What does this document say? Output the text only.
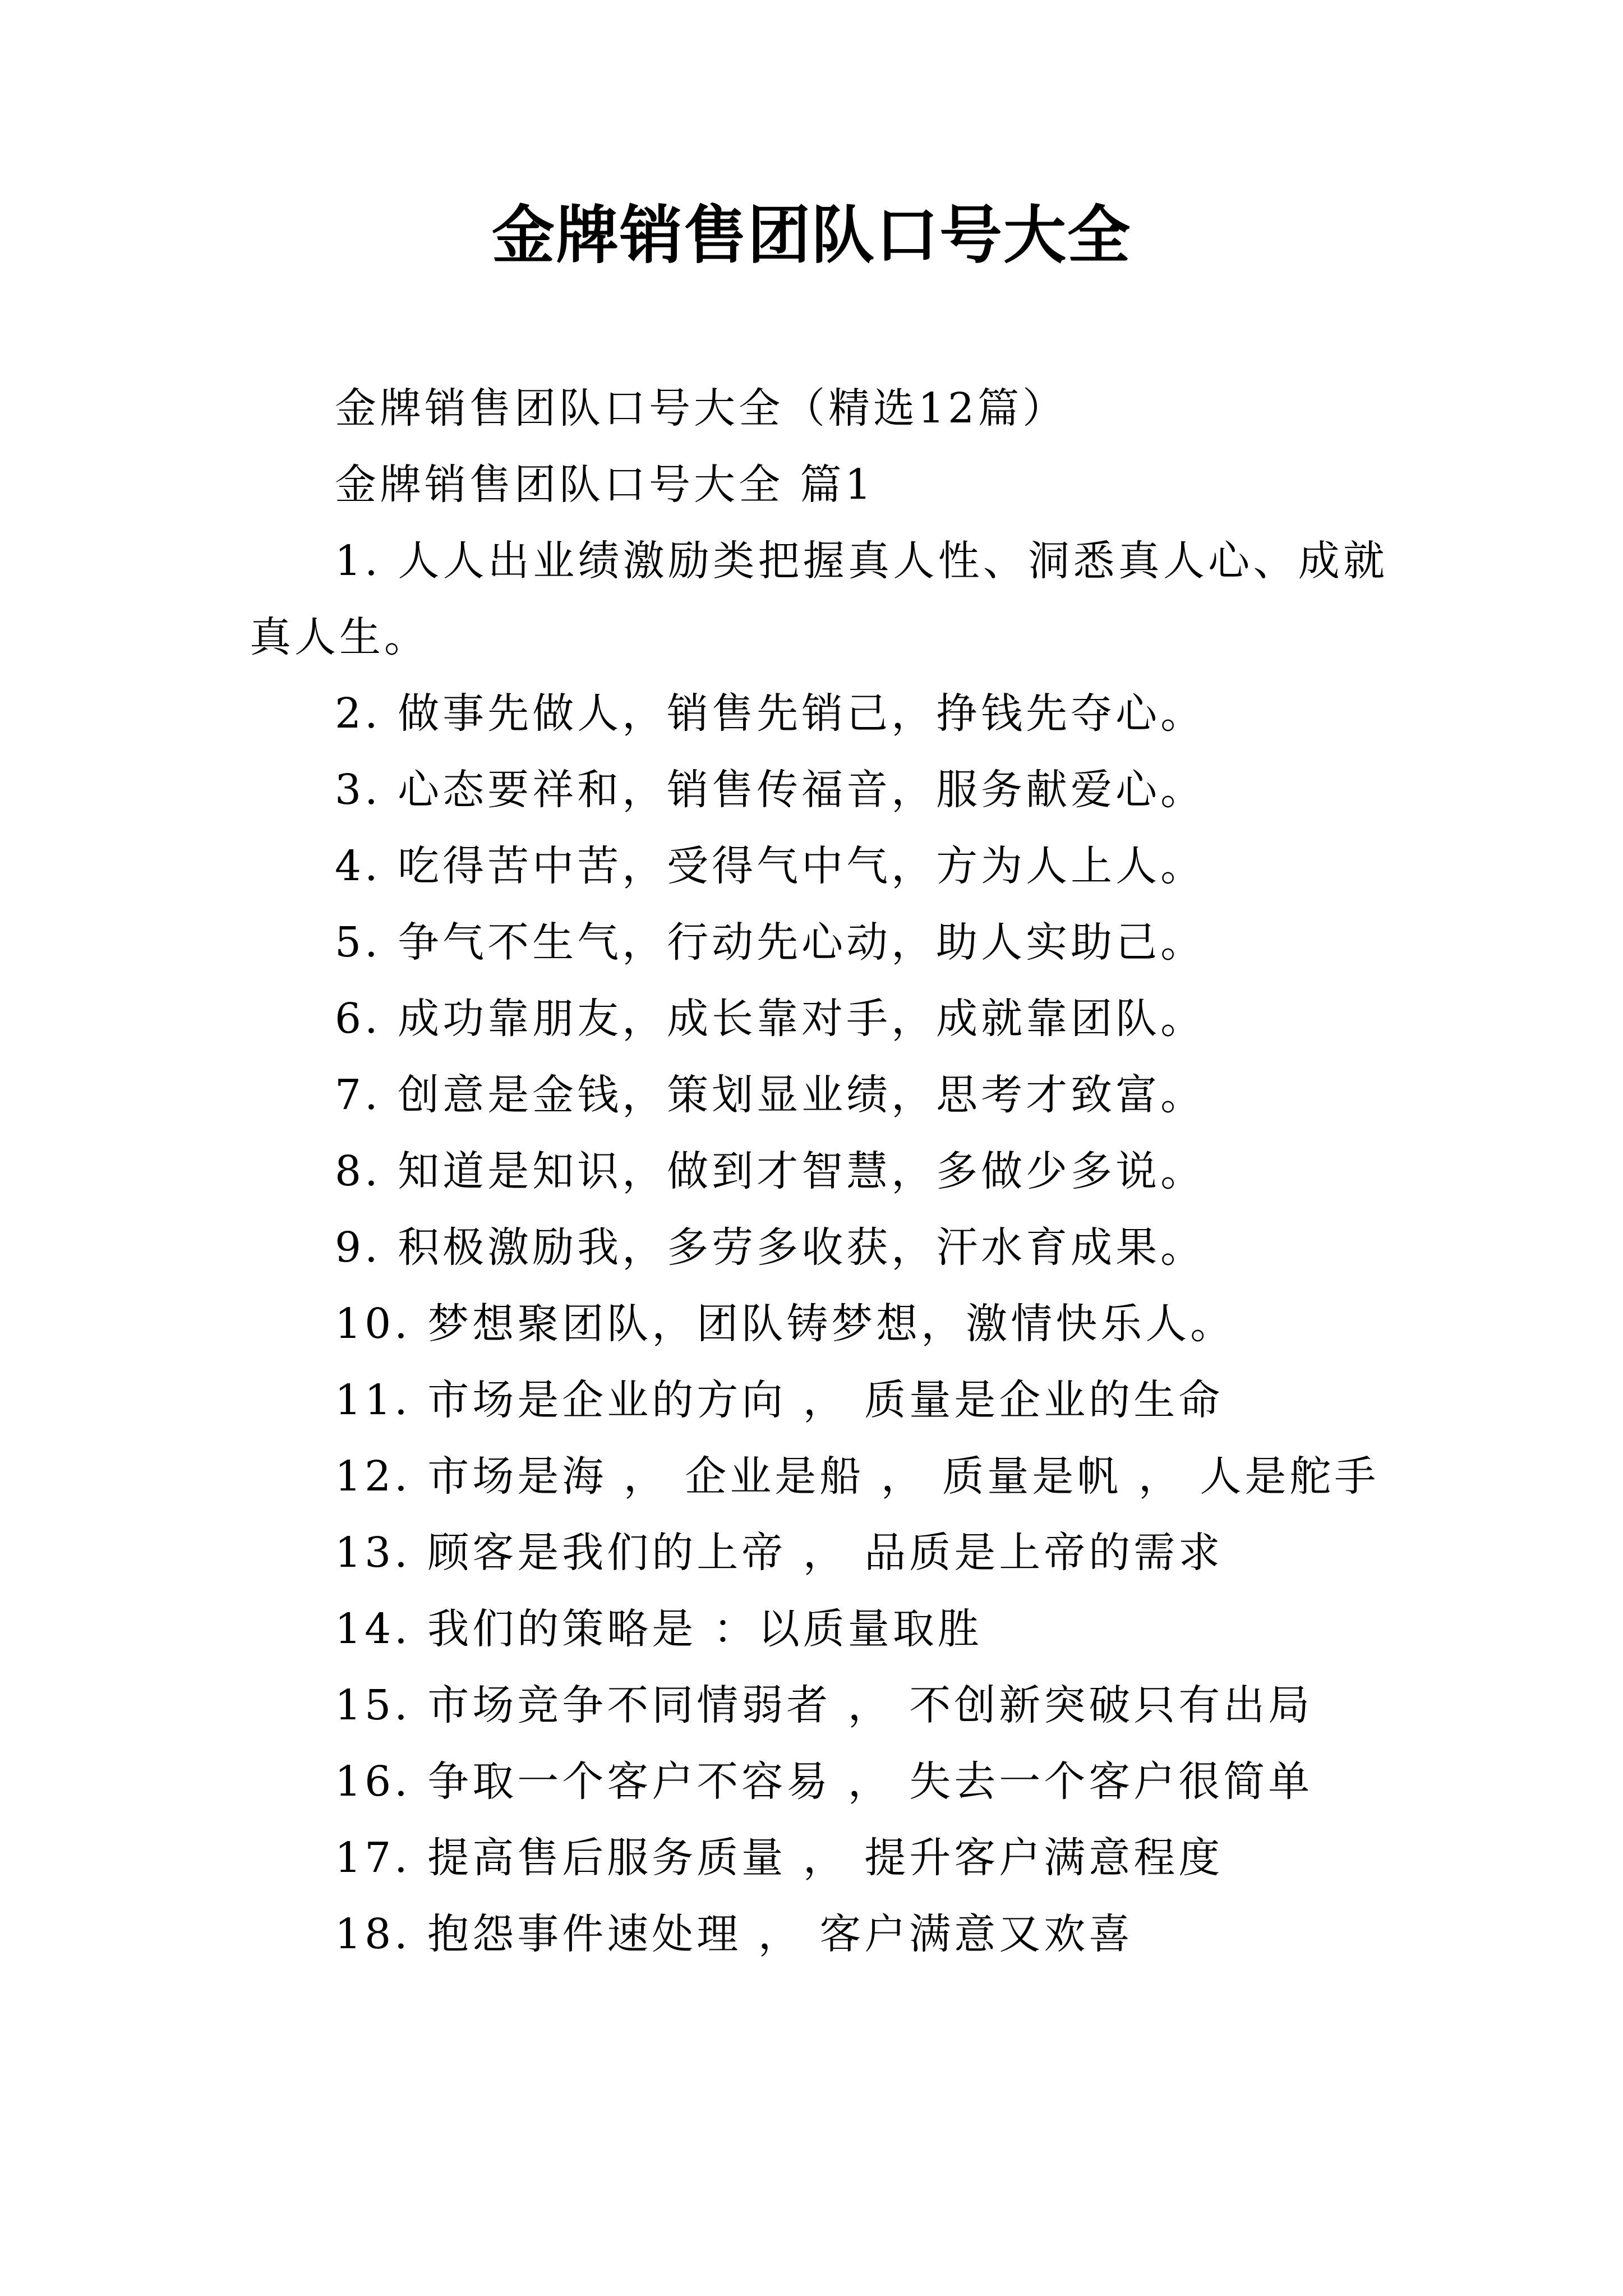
金牌销售团队口号大全

金牌销售团队口号大全（精选12篇）

金牌销售团队口号大全 篇1

1. 人人出业绩激励类把握真人性、洞悉真人心、成就真人生。

2. 做事先做人，销售先销己，挣钱先夺心。

3. 心态要祥和，销售传福音，服务献爱心。

4. 吃得苦中苦，受得气中气，方为人上人。

5. 争气不生气，行动先心动，助人实助己。

6. 成功靠朋友，成长靠对手，成就靠团队。

7. 创意是金钱，策划显业绩，思考才致富。

8. 知道是知识，做到才智慧，多做少多说。

9. 积极激励我，多劳多收获，汗水育成果。

10. 梦想聚团队，团队铸梦想，激情快乐人。

11. 市场是企业的方向 ， 质量是企业的生命

12. 市场是海 ， 企业是船 ， 质量是帆 ， 人是舵手

13. 顾客是我们的上帝 ， 品质是上帝的需求

14. 我们的策略是 ：以质量取胜

15. 市场竞争不同情弱者 ， 不创新突破只有出局

16. 争取一个客户不容易 ， 失去一个客户很简单

17. 提高售后服务质量 ， 提升客户满意程度

18. 抱怨事件速处理 ， 客户满意又欢喜
